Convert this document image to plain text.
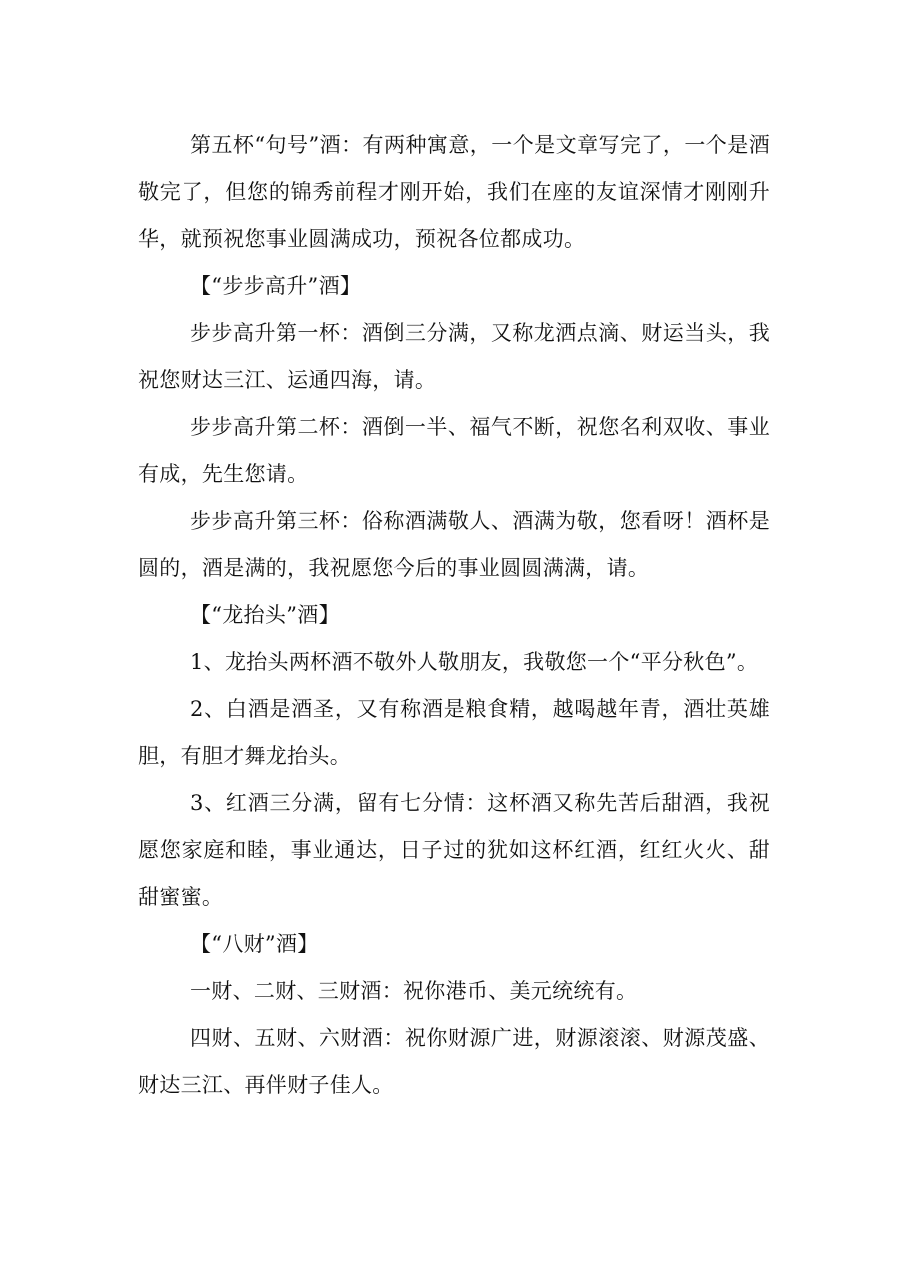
第五杯“句号”酒：有两种寓意，一个是文章写完了，一个是酒敬完了，但您的锦秀前程才刚开始，我们在座的友谊深情才刚刚升华，就预祝您事业圆满成功，预祝各位都成功。

【“步步高升”酒】

步步高升第一杯：酒倒三分满，又称龙洒点滴、财运当头，我祝您财达三江、运通四海，请。

步步高升第二杯：酒倒一半、福气不断，祝您名利双收、事业有成，先生您请。

步步高升第三杯：俗称酒满敬人、酒满为敬，您看呀！酒杯是圆的，酒是满的，我祝愿您今后的事业圆圆满满，请。

【“龙抬头”酒】

1、龙抬头两杯酒不敬外人敬朋友，我敬您一个“平分秋色”。

2、白酒是酒圣，又有称酒是粮食精，越喝越年青，酒壮英雄胆，有胆才舞龙抬头。

3、红酒三分满，留有七分情：这杯酒又称先苦后甜酒，我祝愿您家庭和睦，事业通达，日子过的犹如这杯红酒，红红火火、甜甜蜜蜜。

【“八财”酒】

一财、二财、三财酒：祝你港币、美元统统有。

四财、五财、六财酒：祝你财源广进，财源滚滚、财源茂盛、财达三江、再伴财子佳人。
